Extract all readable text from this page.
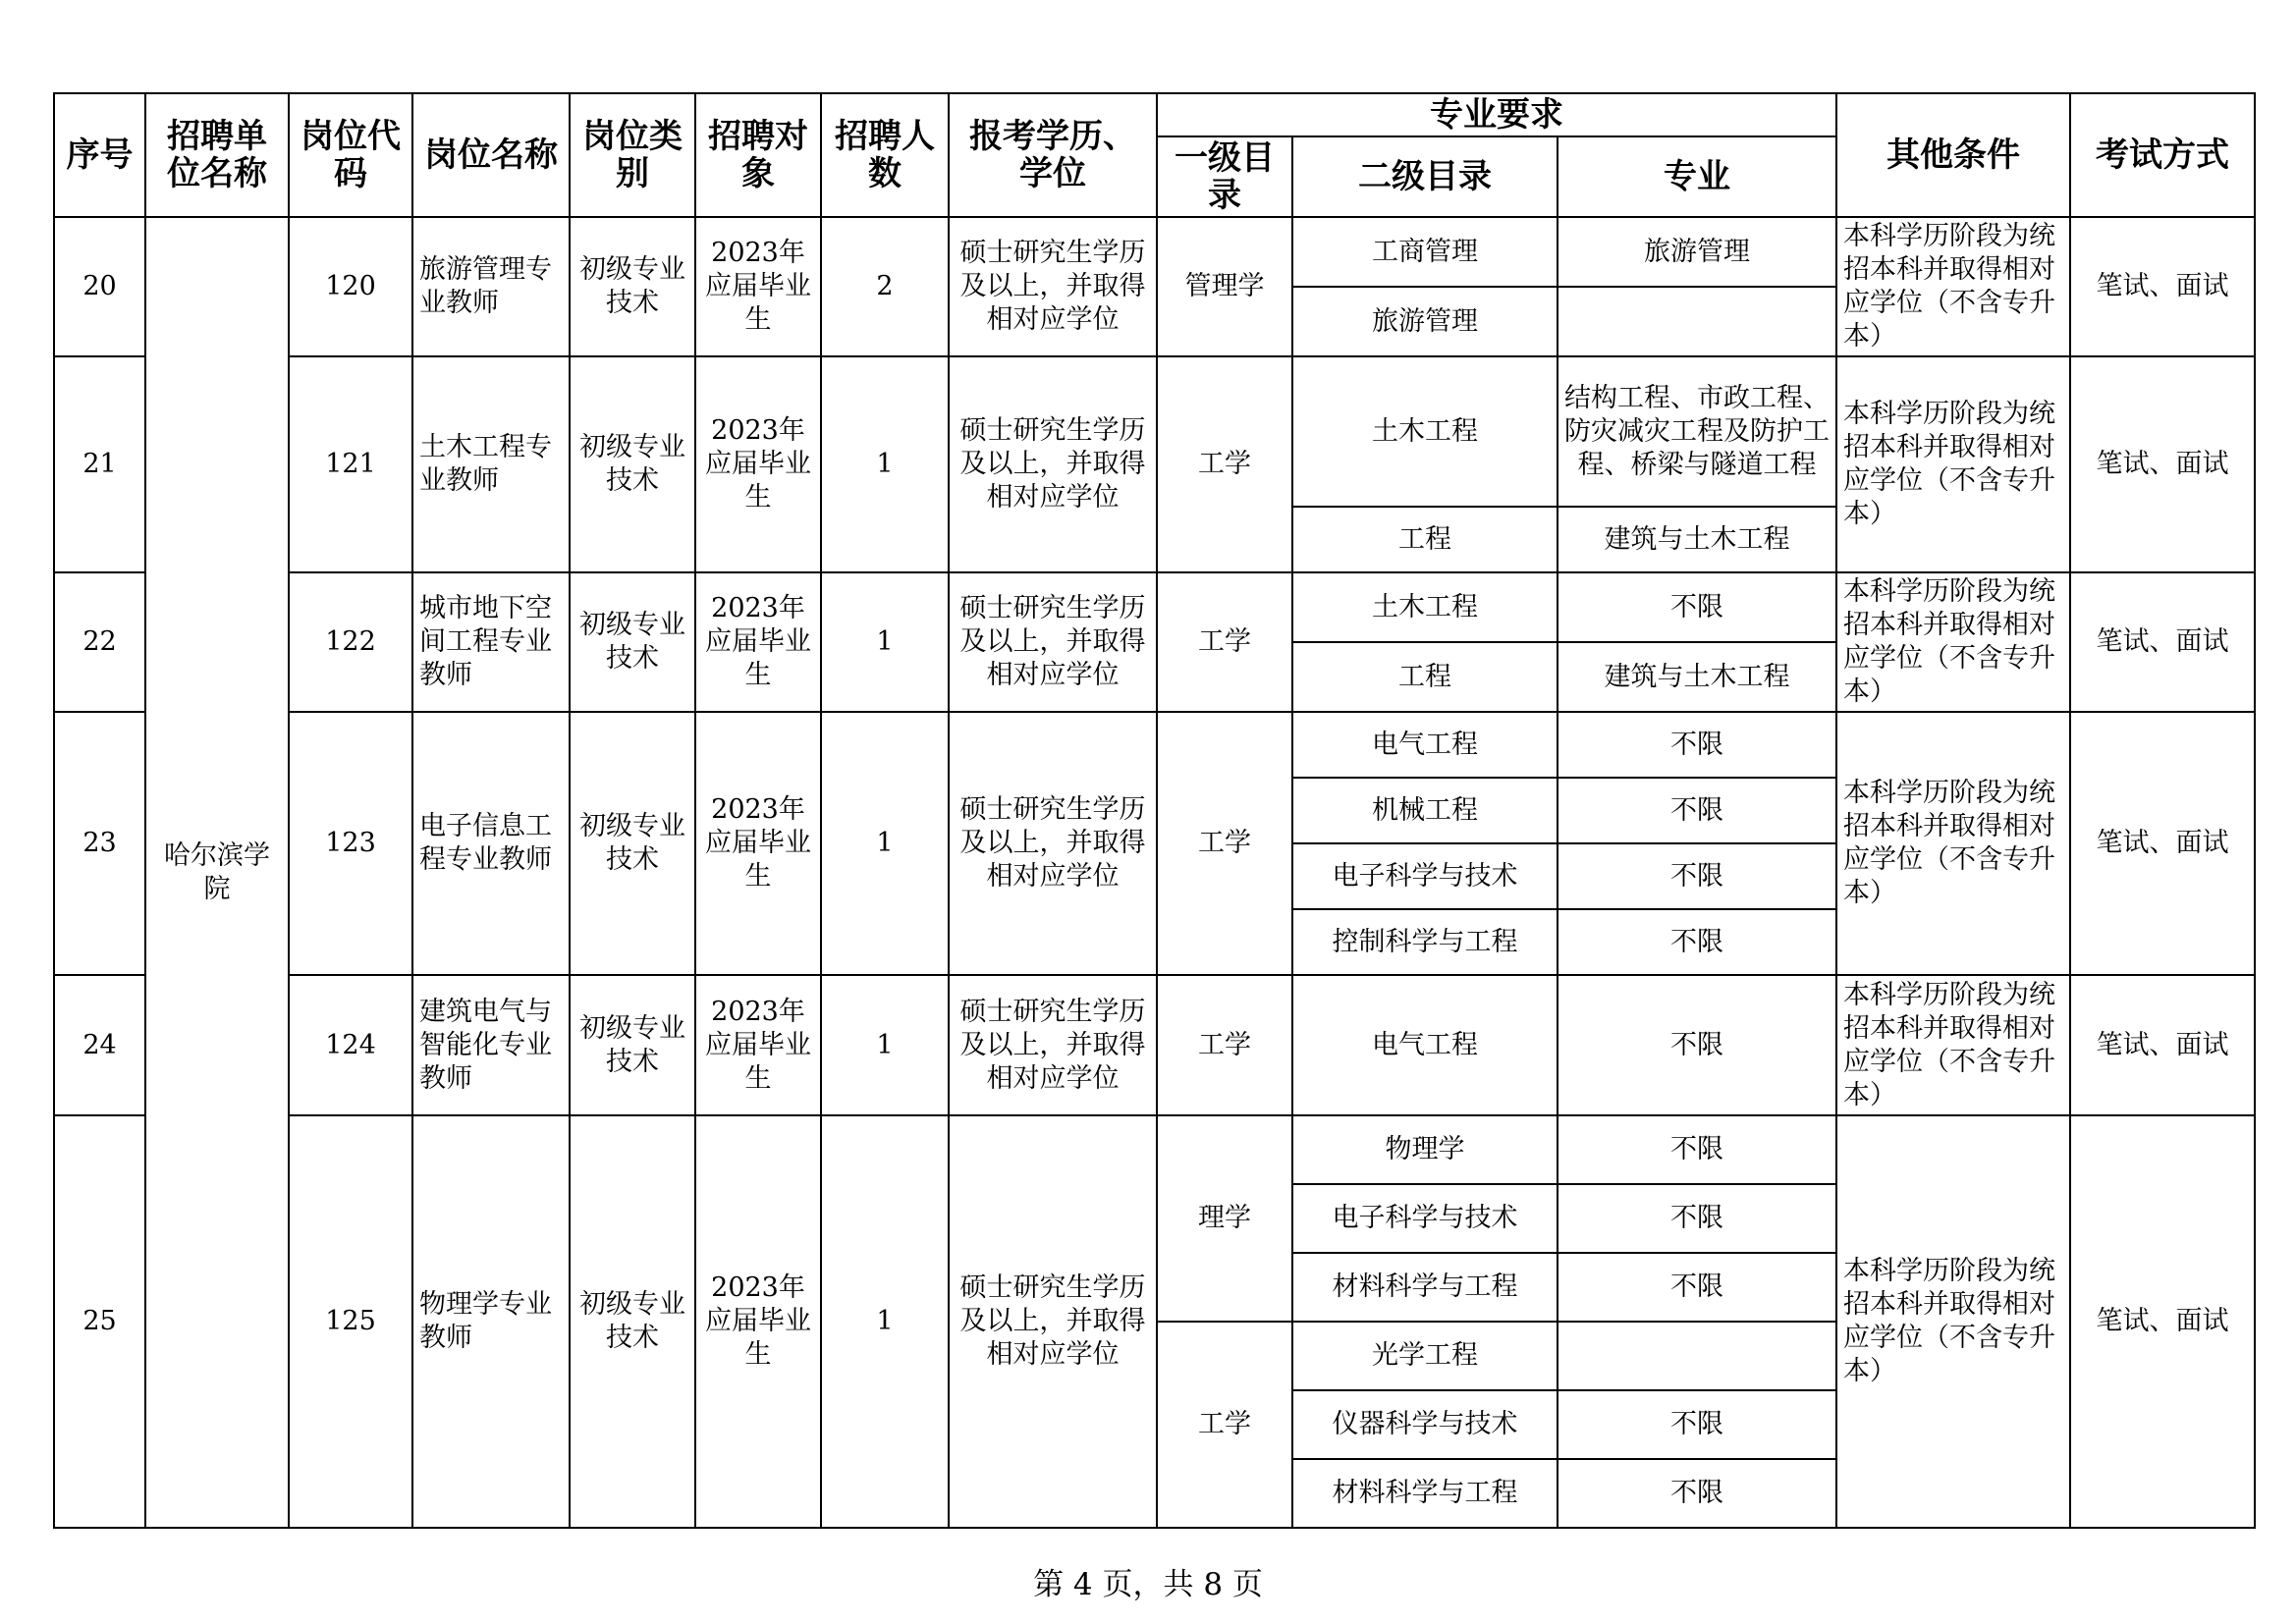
序号	招聘单位名称	岗位代码	岗位名称	岗位类别	招聘对象	招聘人数	报考学历、学位	专业要求			其他条件	考试方式
								一级目录	二级目录	专业		
20	哈尔滨学院	120	旅游管理专业教师	初级专业技术	2023年应届毕业生	2	硕士研究生学历及以上，并取得相对应学位	管理学	工商管理	旅游管理	本科学历阶段为统招本科并取得相对应学位（不含专升本）	笔试、面试
									旅游管理			
21		121	土木工程专业教师	初级专业技术	2023年应届毕业生	1	硕士研究生学历及以上，并取得相对应学位	工学	土木工程	结构工程、市政工程、防灾减灾工程及防护工程、桥梁与隧道工程	本科学历阶段为统招本科并取得相对应学位（不含专升本）	笔试、面试
									工程	建筑与土木工程		
22		122	城市地下空间工程专业教师	初级专业技术	2023年应届毕业生	1	硕士研究生学历及以上，并取得相对应学位	工学	土木工程	不限	本科学历阶段为统招本科并取得相对应学位（不含专升本）	笔试、面试
									工程	建筑与土木工程		
23		123	电子信息工程专业教师	初级专业技术	2023年应届毕业生	1	硕士研究生学历及以上，并取得相对应学位	工学	电气工程	不限	本科学历阶段为统招本科并取得相对应学位（不含专升本）	笔试、面试
									机械工程	不限		
									电子科学与技术	不限		
									控制科学与工程	不限		
24		124	建筑电气与智能化专业教师	初级专业技术	2023年应届毕业生	1	硕士研究生学历及以上，并取得相对应学位	工学	电气工程	不限	本科学历阶段为统招本科并取得相对应学位（不含专升本）	笔试、面试
25		125	物理学专业教师	初级专业技术	2023年应届毕业生	1	硕士研究生学历及以上，并取得相对应学位	理学	物理学	不限	本科学历阶段为统招本科并取得相对应学位（不含专升本）	笔试、面试
									电子科学与技术	不限		
									材料科学与工程	不限		
								工学	光学工程			
									仪器科学与技术	不限		
									材料科学与工程	不限		
第 4 页，共 8 页
